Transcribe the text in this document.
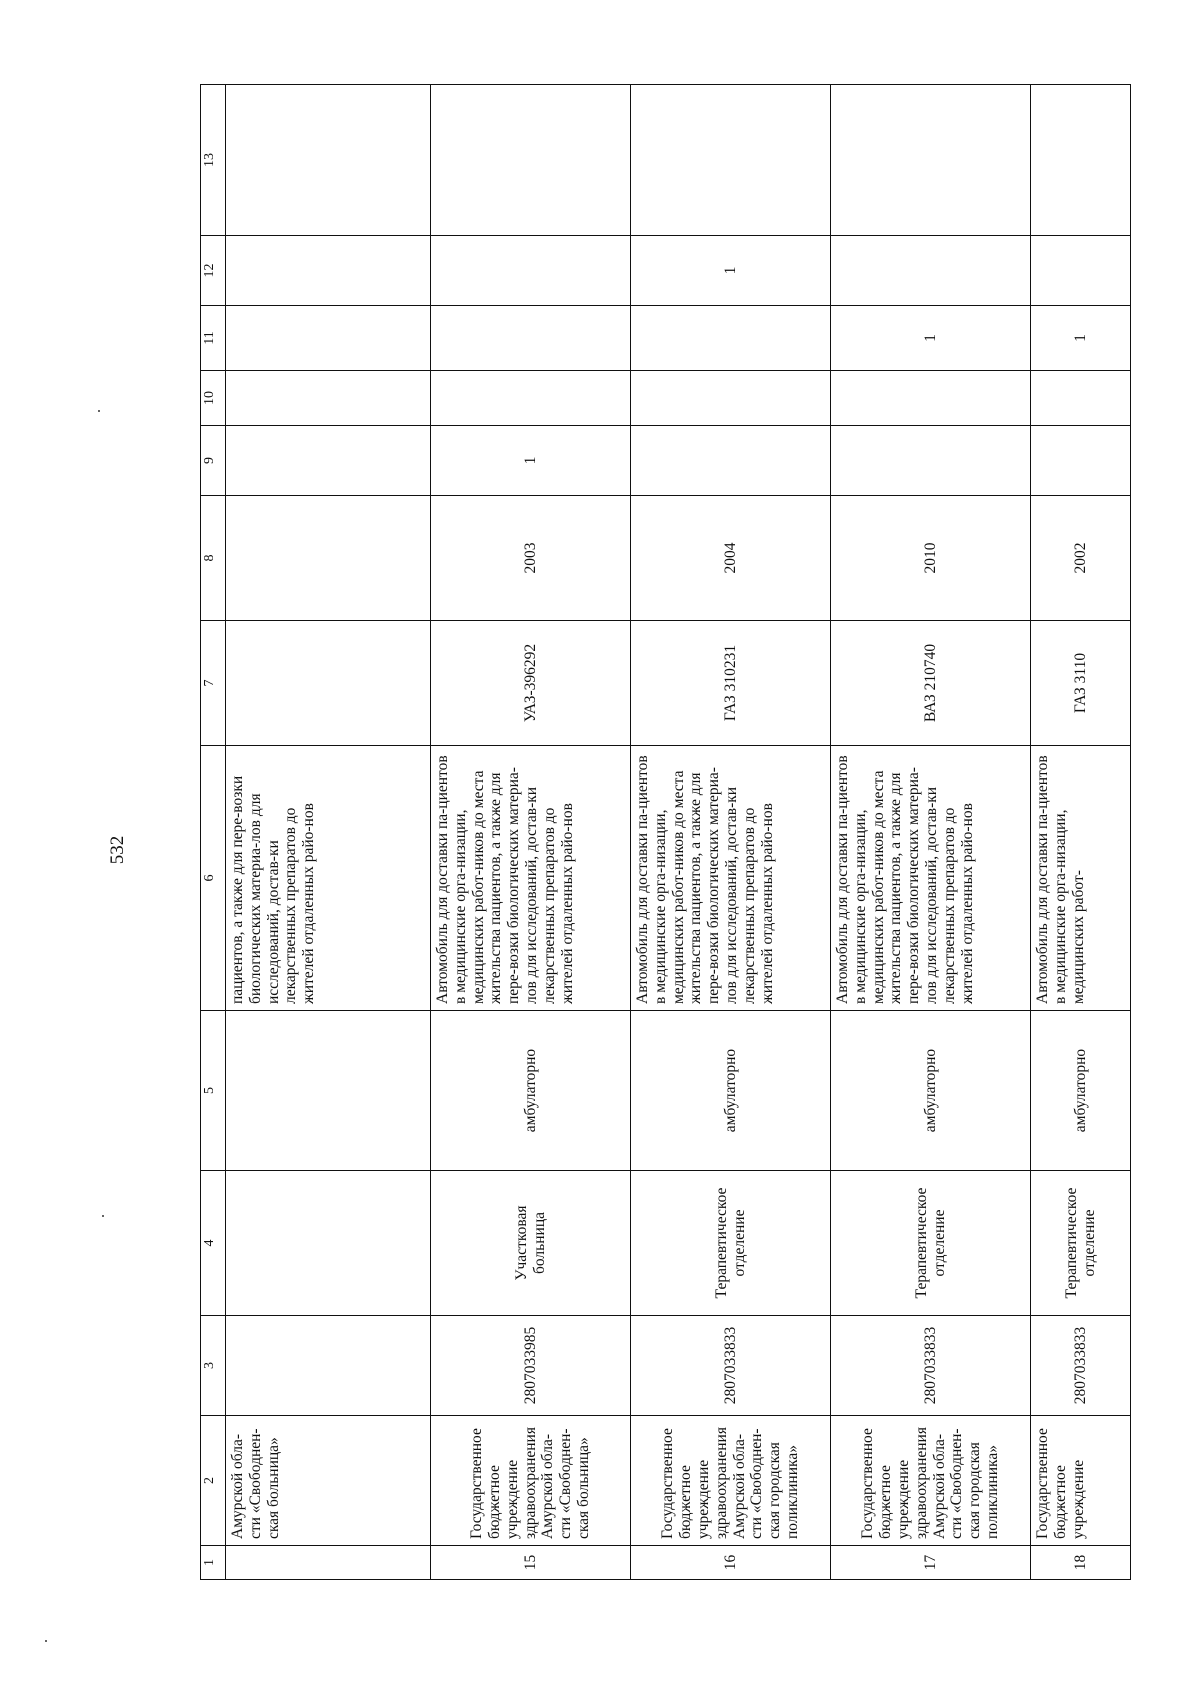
532
1	2	3	4	5	6	7	8	9	10	11	12	13
	Амурской обла-сти «Свободнен-ская больница»				пациентов, а также для пере-возки биологических материа-лов для исследований, достав-ки лекарственных препаратов до жителей отдаленных райо-нов							
15	Государственное бюджетное учреждение здравоохранения Амурской обла-сти «Свободнен-ская больница»	2807033985	Участковая больница	амбулаторно	Автомобиль для доставки па-циентов в медицинские орга-низации, медицинских работ-ников до места жительства пациентов, а также для пере-возки биологических материа-лов для исследований, достав-ки лекарственных препаратов до жителей отдаленных райо-нов	УАЗ-396292	2003	1				
16	Государственное бюджетное учреждение здравоохранения Амурской обла-сти «Свободнен-ская городская поликлиника»	2807033833	Терапевтическое отделение	амбулаторно	Автомобиль для доставки па-циентов в медицинские орга-низации, медицинских работ-ников до места жительства пациентов, а также для пере-возки биологических материа-лов для исследований, достав-ки лекарственных препаратов до жителей отдаленных райо-нов	ГАЗ 310231	2004				1	
17	Государственное бюджетное учреждение здравоохранения Амурской обла-сти «Свободнен-ская городская поликлиника»	2807033833	Терапевтическое отделение	амбулаторно	Автомобиль для доставки па-циентов в медицинские орга-низации, медицинских работ-ников до места жительства пациентов, а также для пере-возки биологических материа-лов для исследований, достав-ки лекарственных препаратов до жителей отдаленных райо-нов	ВАЗ 210740	2010			1		
18	Государственное бюджетное учреждение	2807033833	Терапевтическое отделение	амбулаторно	Автомобиль для доставки па-циентов в медицинские орга-низации, медицинских работ-	ГАЗ 3110	2002			1		
